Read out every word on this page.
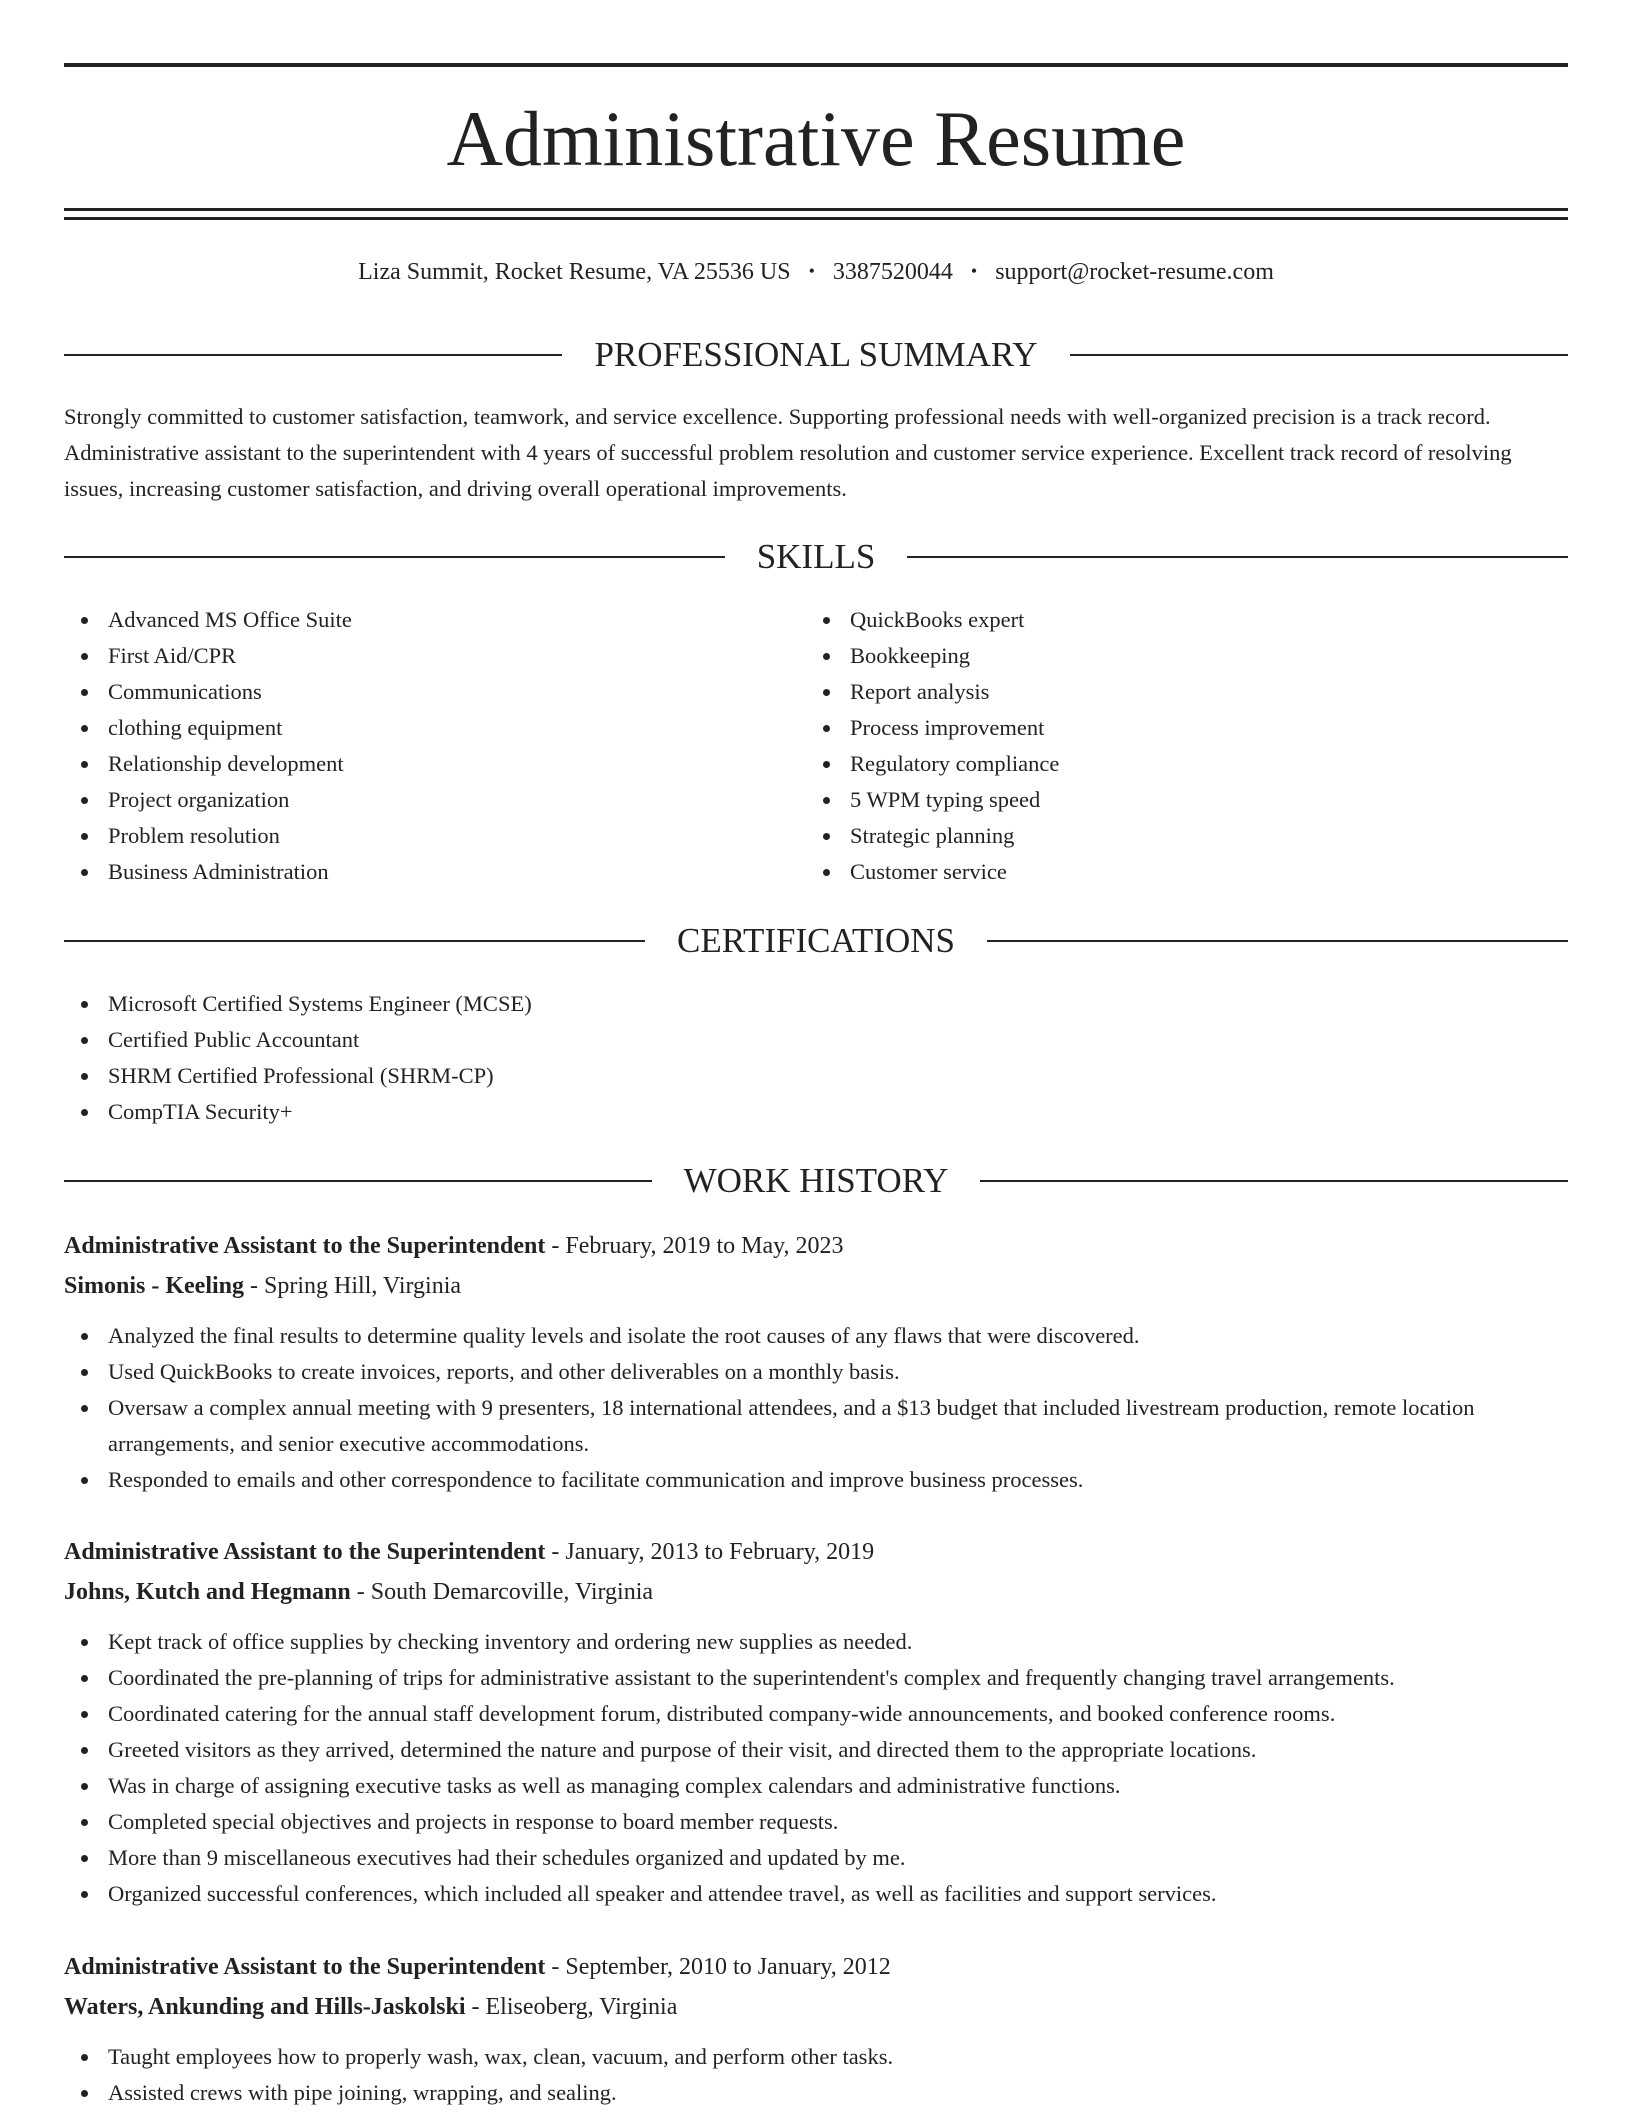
Administrative Resume
Liza Summit, Rocket Resume, VA 25536 US • 3387520044 • support@rocket-resume.com
PROFESSIONAL SUMMARY

Strongly committed to customer satisfaction, teamwork, and service excellence. Supporting professional needs with well-organized precision is a track record. Administrative assistant to the superintendent with 4 years of successful problem resolution and customer service experience. Excellent track record of resolving issues, increasing customer satisfaction, and driving overall operational improvements.

SKILLS
Advanced MS Office Suite
First Aid/CPR
Communications
clothing equipment
Relationship development
Project organization
Problem resolution
Business Administration
QuickBooks expert
Bookkeeping
Report analysis
Process improvement
Regulatory compliance
5 WPM typing speed
Strategic planning
Customer service
CERTIFICATIONS
Microsoft Certified Systems Engineer (MCSE)
Certified Public Accountant
SHRM Certified Professional (SHRM-CP)
CompTIA Security+
WORK HISTORY
Administrative Assistant to the Superintendent - February, 2019 to May, 2023
Simonis - Keeling - Spring Hill, Virginia
Analyzed the final results to determine quality levels and isolate the root causes of any flaws that were discovered.
Used QuickBooks to create invoices, reports, and other deliverables on a monthly basis.
Oversaw a complex annual meeting with 9 presenters, 18 international attendees, and a $13 budget that included livestream production, remote location arrangements, and senior executive accommodations.
Responded to emails and other correspondence to facilitate communication and improve business processes.
Administrative Assistant to the Superintendent - January, 2013 to February, 2019
Johns, Kutch and Hegmann - South Demarcoville, Virginia
Kept track of office supplies by checking inventory and ordering new supplies as needed.
Coordinated the pre-planning of trips for administrative assistant to the superintendent's complex and frequently changing travel arrangements.
Coordinated catering for the annual staff development forum, distributed company-wide announcements, and booked conference rooms.
Greeted visitors as they arrived, determined the nature and purpose of their visit, and directed them to the appropriate locations.
Was in charge of assigning executive tasks as well as managing complex calendars and administrative functions.
Completed special objectives and projects in response to board member requests.
More than 9 miscellaneous executives had their schedules organized and updated by me.
Organized successful conferences, which included all speaker and attendee travel, as well as facilities and support services.
Administrative Assistant to the Superintendent - September, 2010 to January, 2012
Waters, Ankunding and Hills-Jaskolski - Eliseoberg, Virginia
Taught employees how to properly wash, wax, clean, vacuum, and perform other tasks.
Assisted crews with pipe joining, wrapping, and sealing.
